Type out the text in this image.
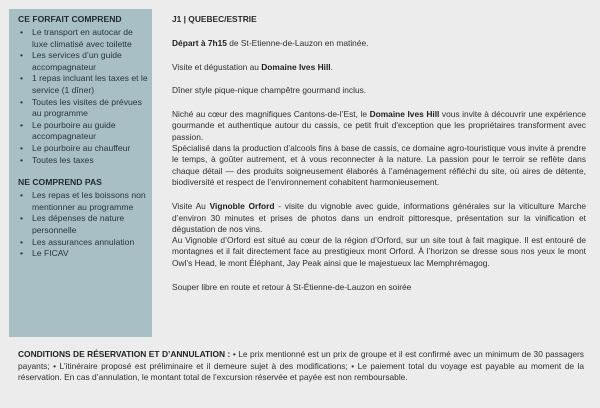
CE FORFAIT COMPREND
• Le transport en autocar de luxe climatisé avec toilette
• Les services d’un guide accompagnateur
• 1 repas incluant les taxes et le service (1 dîner)
• Toutes les visites de prévues au programme
• Le pourboire au guide accompagnateur
• Le pourboire au chauffeur
• Toutes les taxes
NE COMPREND PAS
• Les repas et les boissons non mentionner au programme
• Les dépenses de nature personnelle
• Les assurances annulation
• Le FICAV

J1 | QUEBEC/ESTRIE

Départ à 7h15 de St-Etienne-de-Lauzon en matinée.

Visite et dégustation au Domaine Ives Hill.

Dîner style pique-nique champêtre gourmand inclus.

Niché au cœur des magnifiques Cantons-de-l’Est, le Domaine Ives Hill vous invite à découvrir une expérience gourmande et authentique autour du cassis, ce petit fruit d'exception que les propriétaires transforment avec passion.

Spécialisé dans la production d’alcools fins à base de cassis, ce domaine agro-touristique vous invite à prendre le temps, à goûter autrement, et à vous reconnecter à la nature. La passion pour le terroir se reflète dans chaque détail — des produits soigneusement élaborés à l’aménagement réfléchi du site, où aires de détente, biodiversité et respect de l’environnement cohabitent harmonieusement.

Visite Au Vignoble Orford - visite du vignoble avec guide, informations générales sur la viticulture Marche d’environ 30 minutes et prises de photos dans un endroit pittoresque, présentation sur la vinification et dégustation de nos vins.

Au Vignoble d’Orford est situé au cœur de la région d’Orford, sur un site tout à fait magique. Il est entouré de montagnes et il fait directement face au prestigieux mont Orford. À l’horizon se dresse sous nos yeux le mont Owl’s Head, le mont Éléphant, Jay Peak ainsi que le majestueux lac Memphrémagog.

Souper libre en route et retour à St-Étienne-de-Lauzon en soirée

CONDITIONS DE RÉSERVATION ET D’ANNULATION : • Le prix mentionné est un prix de groupe et il est confirmé avec un minimum de 30 passagers payants; • L’itinéraire proposé est préliminaire et il demeure sujet à des modifications; • Le paiement total du voyage est payable au moment de la réservation. En cas d’annulation, le montant total de l’excursion réservée et payée est non remboursable.
